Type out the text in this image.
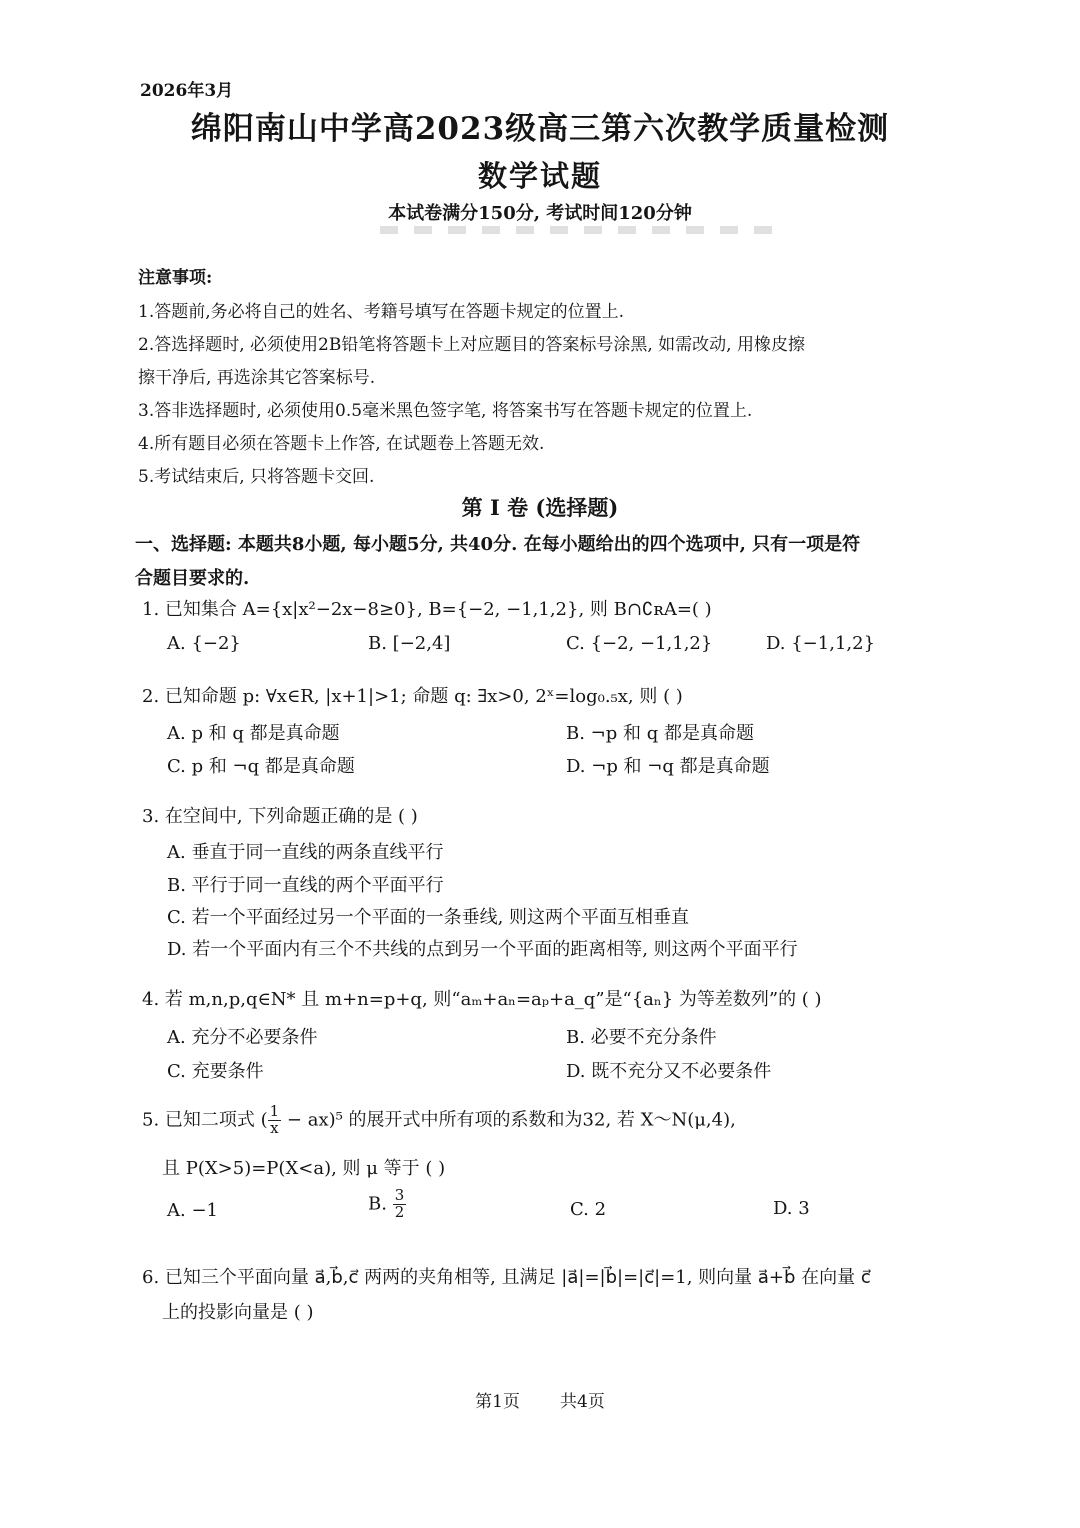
2026年3月
绵阳南山中学高2023级高三第六次教学质量检测
数学试题
本试卷满分150分, 考试时间120分钟
注意事项:
1.答题前,务必将自己的姓名、考籍号填写在答题卡规定的位置上.
2.答选择题时, 必须使用2B铅笔将答题卡上对应题目的答案标号涂黑, 如需改动, 用橡皮擦
擦干净后, 再选涂其它答案标号.
3.答非选择题时, 必须使用0.5毫米黑色签字笔, 将答案书写在答题卡规定的位置上.
4.所有题目必须在答题卡上作答, 在试题卷上答题无效.
5.考试结束后, 只将答题卡交回.
第 I 卷 (选择题)
一、选择题: 本题共8小题, 每小题5分, 共40分. 在每小题给出的四个选项中, 只有一项是符
合题目要求的.
1. 已知集合 A={x|x²−2x−8≥0}, B={−2, −1,1,2}, 则 B∩∁ʀA=( )
A. {−2}	B. [−2,4]	C. {−2, −1,1,2}	D. {−1,1,2}
2. 已知命题 p: ∀x∈R, |x+1|>1; 命题 q: ∃x>0, 2ˣ=log₀.₅x, 则 ( )
A. p 和 q 都是真命题	B. ¬p 和 q 都是真命题
C. p 和 ¬q 都是真命题	D. ¬p 和 ¬q 都是真命题
3. 在空间中, 下列命题正确的是 ( )
A. 垂直于同一直线的两条直线平行
B. 平行于同一直线的两个平面平行
C. 若一个平面经过另一个平面的一条垂线, 则这两个平面互相垂直
D. 若一个平面内有三个不共线的点到另一个平面的距离相等, 则这两个平面平行
4. 若 m,n,p,q∈N* 且 m+n=p+q, 则“aₘ+aₙ=aₚ+a_q”是“{aₙ} 为等差数列”的 ( )
A. 充分不必要条件	B. 必要不充分条件
C. 充要条件	D. 既不充分又不必要条件
5. 已知二项式 ( $\frac{1}{x} - ax)^5$ 的展开式中所有项的系数和为32, 若 X～N(μ,4),
且 P(X>5)=P(X<a), 则 μ 等于 ( )
A. −1	B. $\frac{3}{2}$	C. 2	D. 3
6. 已知三个平面向量 a⃗,b⃗,c⃗ 两两的夹角相等, 且满足 |a⃗|=|b⃗|=|c⃗|=1, 则向量 a⃗+b⃗ 在向量 c⃗
上的投影向量是 ( )
第1页 共4页
